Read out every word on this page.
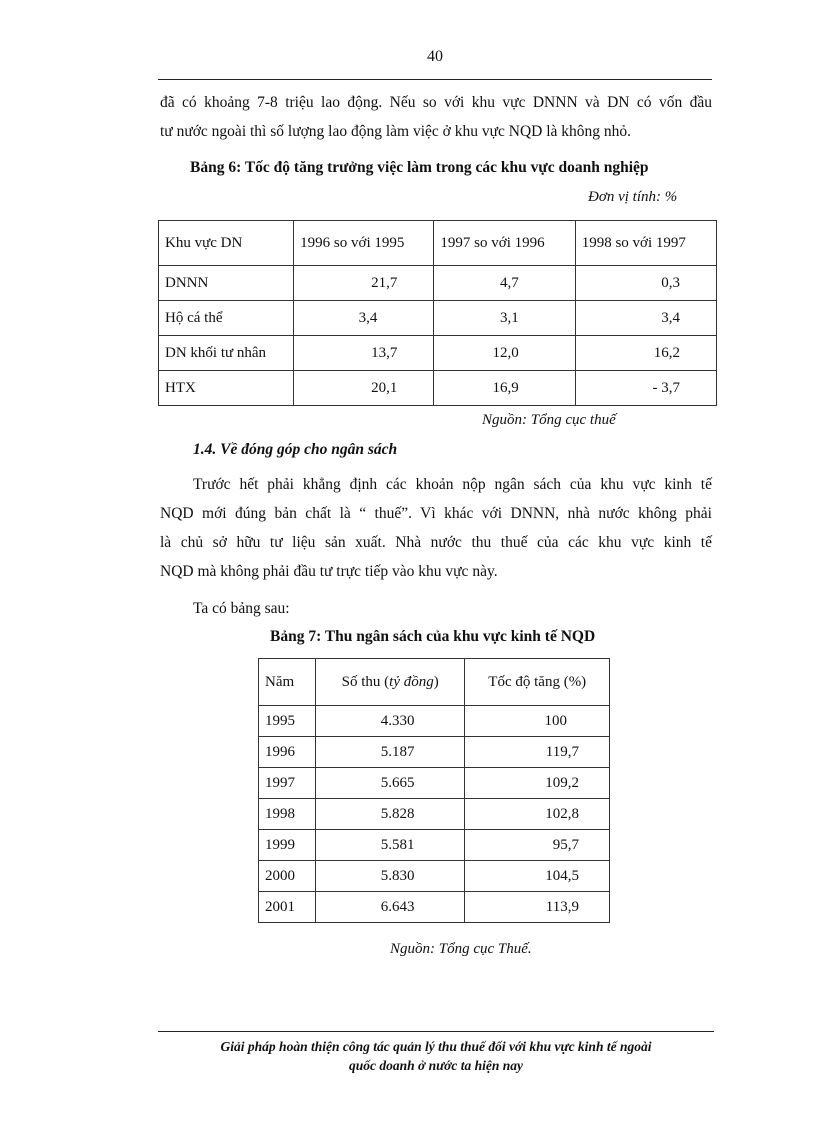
40
đã có khoảng 7-8 triệu lao động. Nếu so với khu vực DNNN và DN có vốn đầu
tư nước ngoài thì số lượng lao động làm việc ở khu vực NQD là không nhỏ.
Bảng 6: Tốc độ tăng trưởng việc làm trong các khu vực doanh nghiệp
Đơn vị tính: %
Khu vực DN	1996 so với 1995	1997 so với 1996	1998 so với 1997
DNNN	21,7	4,7	0,3
Hộ cá thể	3,4	3,1	3,4
DN khối tư nhân	13,7	12,0	16,2
HTX	20,1	16,9	- 3,7
Nguồn: Tổng cục thuế
1.4. Về đóng góp cho ngân sách
Trước hết phải khẳng định các khoản nộp ngân sách của khu vực kinh tế
NQD mới đúng bản chất là “ thuế”. Vì khác với DNNN, nhà nước không phải
là chủ sở hữu tư liệu sản xuất. Nhà nước thu thuế của các khu vực kinh tế
NQD mà không phải đầu tư trực tiếp vào khu vực này.
Ta có bảng sau:
Bảng 7: Thu ngân sách của khu vực kinh tế NQD
Năm	Số thu (tỷ đồng)	Tốc độ tăng (%)
1995	4.330	100
1996	5.187	119,7
1997	5.665	109,2
1998	5.828	102,8
1999	5.581	95,7
2000	5.830	104,5
2001	6.643	113,9
Nguồn: Tổng cục Thuế.
Giải pháp hoàn thiện công tác quản lý thu thuế đối với khu vực kinh tế ngoài
quốc doanh ở nước ta hiện nay
